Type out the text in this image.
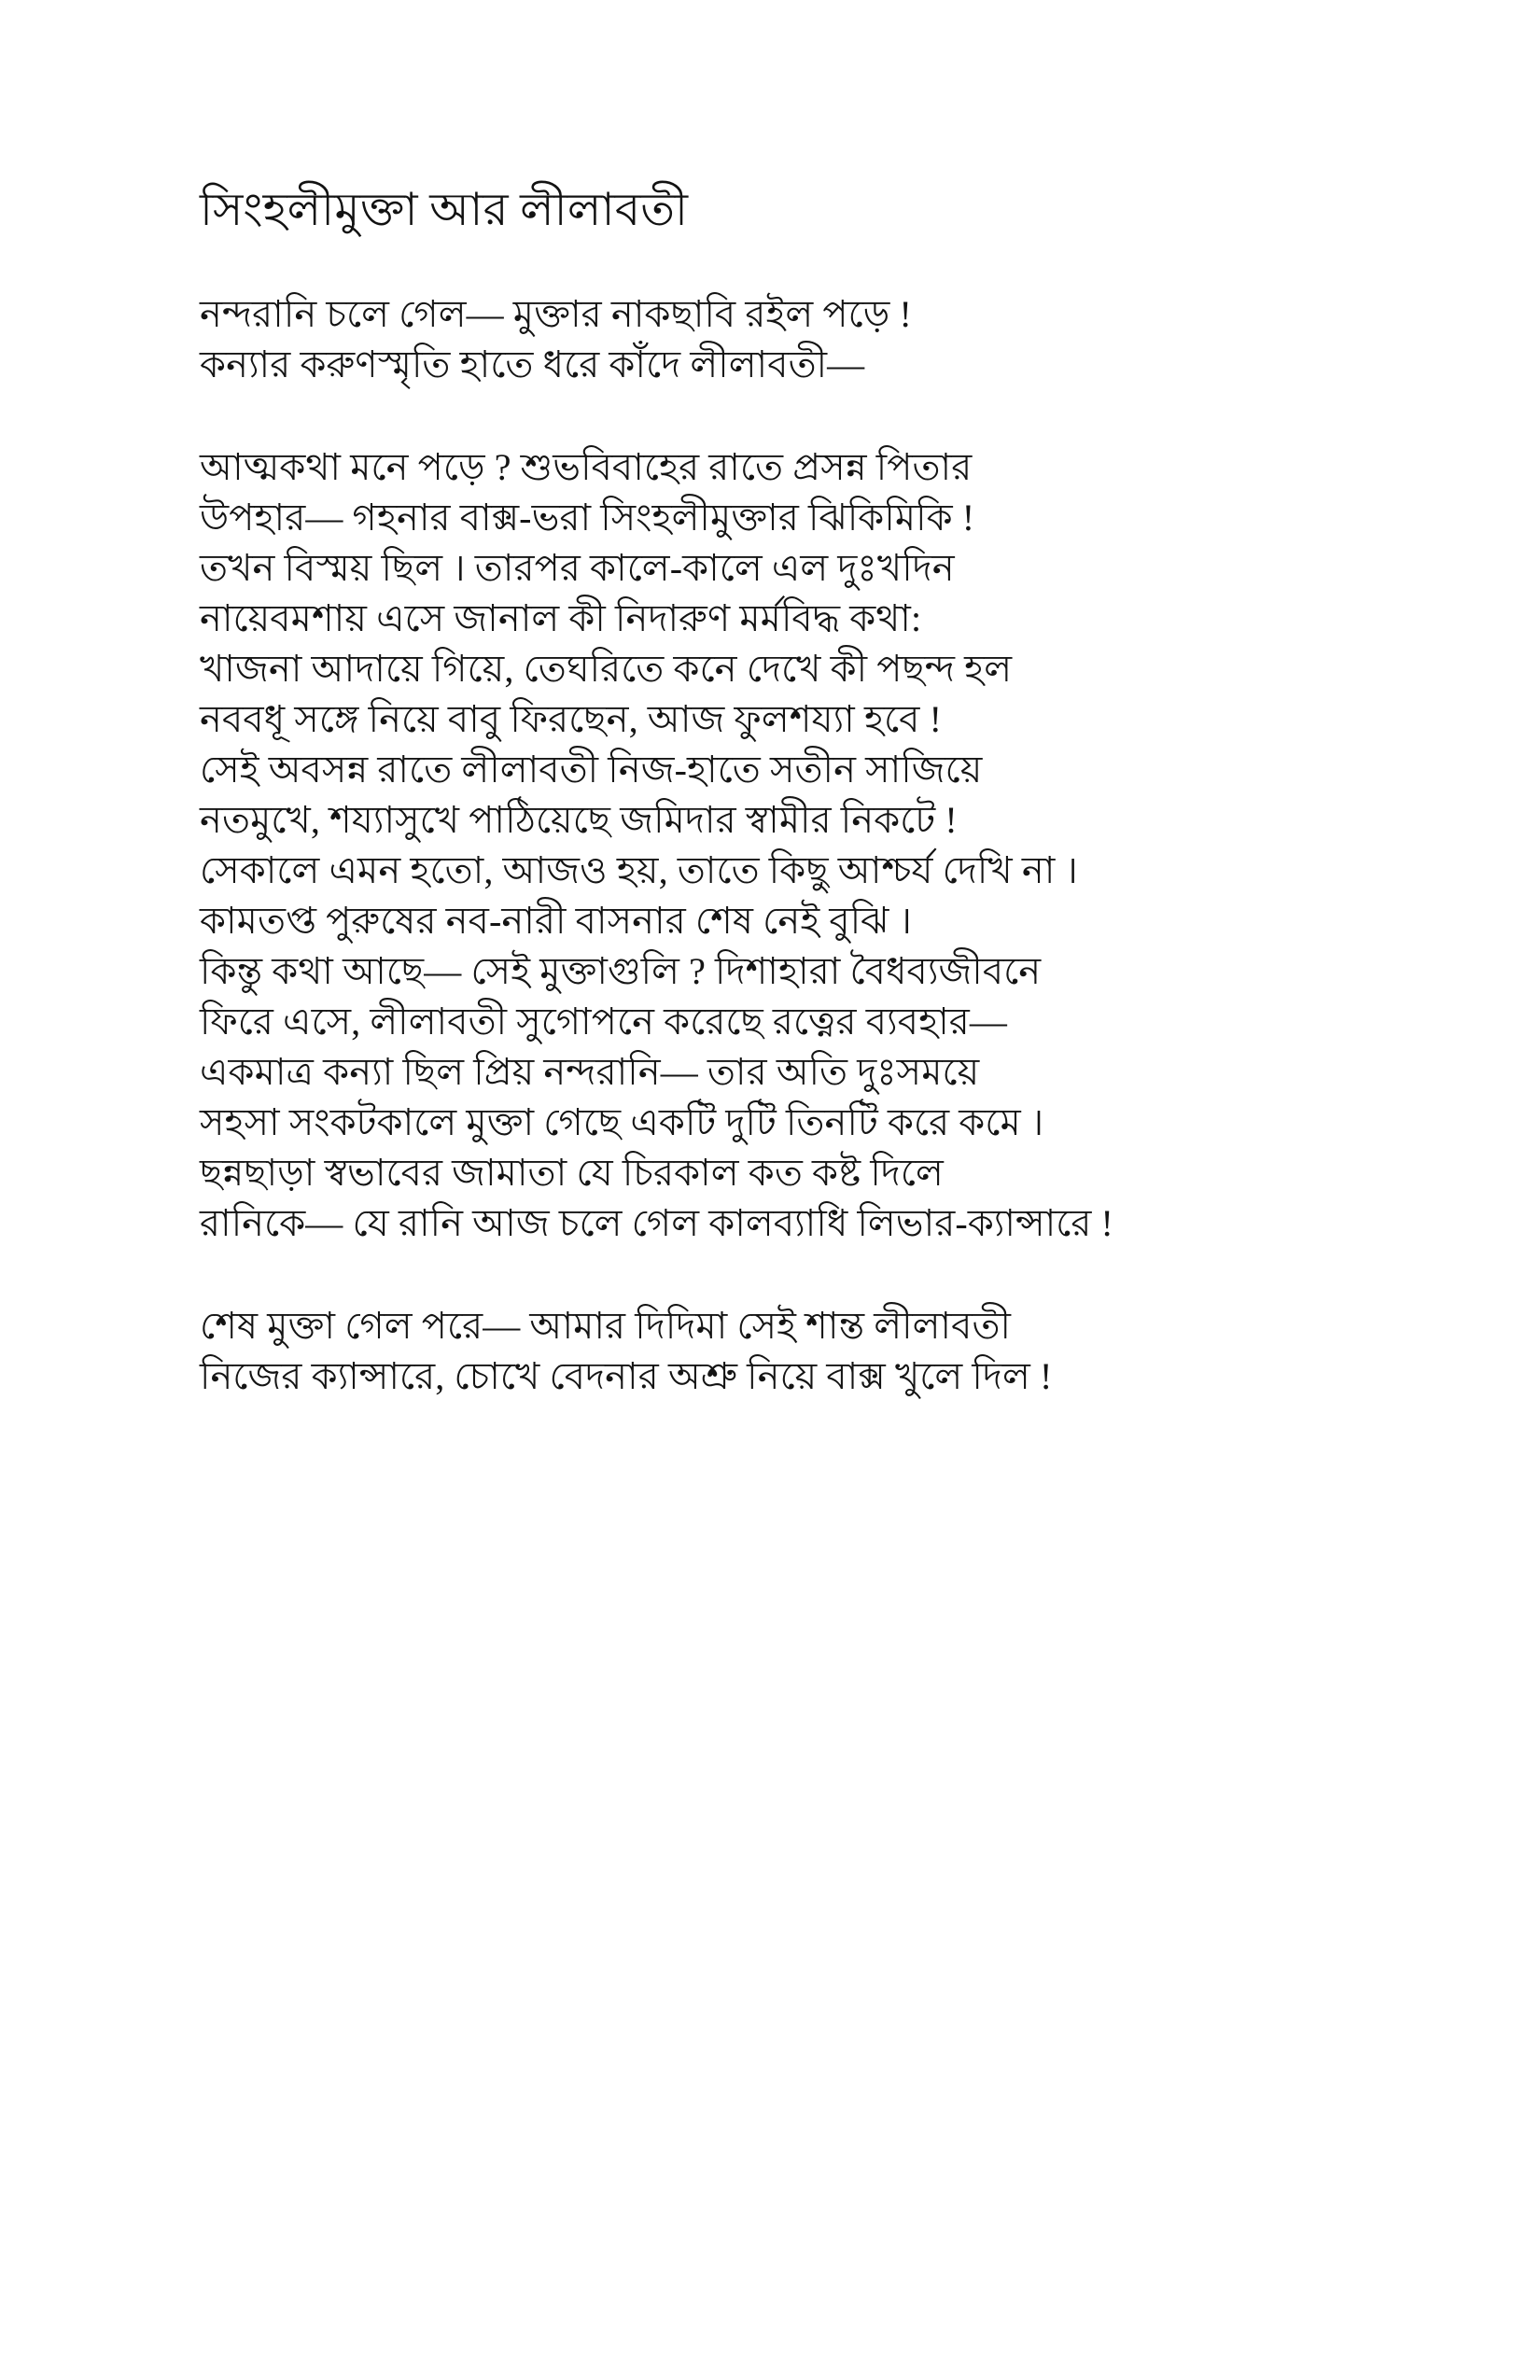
সিংহলীমুক্তা আর লীলাবতী
নন্দরানি চলে গেল— মুক্তার নাকছাবি রইল পড়ে !
কন্যার করুণস্মৃতি হাতে ধরে কাঁদে লীলাবতী—
আত্মকথা মনে পড়ে ? শুভবিবাহের রাতে প্রসন্ন পিতার
উপহার— গহনার বাক্স-ভরা সিংহলীমুক্তার ঝিকিমিকি !
তখন বিস্ময় ছিল । তারপর কালে-কালে এল দুঃখদিন
নায়েবমশায় এসে জানাল কী নিদারুণ মর্মবিদ্ধ কথা:
খাজনা আদায়ে গিয়ে, তেঘরিতে কনে দেখে কী পছন্দ হল
নববধূ সঙ্গে নিয়ে বাবু ফিরছেন, আজ ফুলশয্যা হবে !
সেই অবসন্ন রাতে লীলাবতী নিজ-হাতে সতীন সাজিয়ে
নতমুখে, শয্যাসুখে পাঠিয়েছে জমিদার স্বামীর নিকটে !
সেকালে এমন হতো, আজও হয়, তাতে কিছু আশ্চর্য দেখি না ।
কামতপ্ত পুরুষের নব-নারী বাসনার শেষ নেই বুঝি ।
কিন্তু কথা আছে— সেই মুক্তাগুলি ? দিশাহারা বৈধব্যজীবনে
ফিরে এসে, লীলাবতী সুগোপনে করেছে রত্নের ব্যবহার—
একমাত্র কন্যা ছিল প্রিয় নন্দরানি— তার অতি দুঃসময়ে
সহসা সংকটকালে মুক্তা গেছে একটি দুটি তিনটি করে কমে ।
ছন্নছাড়া স্বভাবের জামাতা যে চিরকাল কত কষ্ট দিলে
রানিকে— যে রানি আজ চলে গেল কালব্যাধি লিভার-ক্যান্সারে !
শেষ মুক্তা গেল পরে— আমার দিদিমা সেই শান্ত লীলাবতী
নিজের ক্যান্সারে, চোখে বেদনার অশ্রু নিয়ে বাক্স খুলে দিল !
